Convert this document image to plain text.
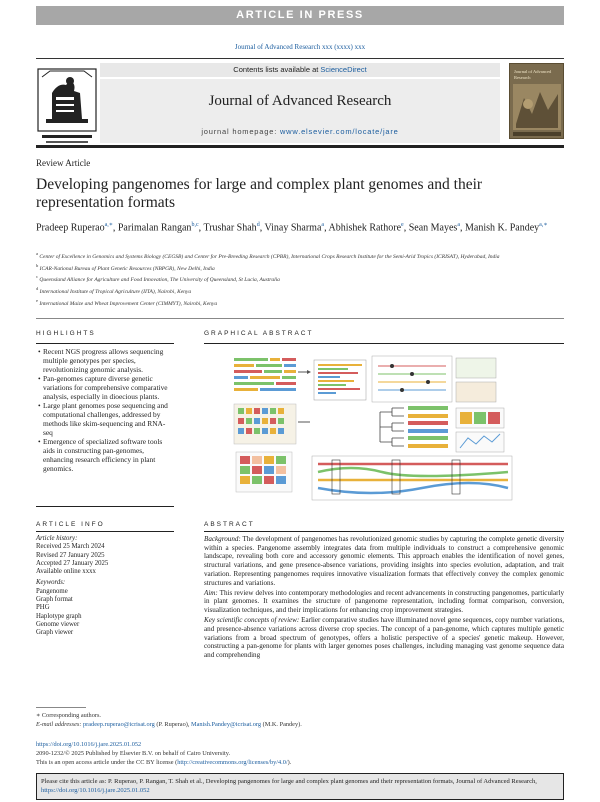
ARTICLE IN PRESS
Journal of Advanced Research xxx (xxxx) xxx
Contents lists available at ScienceDirect
Journal of Advanced Research
journal homepage: www.elsevier.com/locate/jare
Journal of Advanced Research
Review Article
Developing pangenomes for large and complex plant genomes and their representation formats
Pradeep Ruperao$^{a,∗}$, Parimalan Rangan$^{b,c}$, Trushar Shah$^d$, Vinay Sharma$^a$, Abhishek Rathore$^e$, Sean Mayes$^a$, Manish K. Pandey$^{a,∗}$
$^a$ Center of Excellence in Genomics and Systems Biology (CEGSB) and Center for Pre-Breeding Research (CPBR), International Crops Research Institute for the Semi-Arid Tropics (ICRISAT), Hyderabad, India
$^b$ ICAR-National Bureau of Plant Genetic Resources (NBPGR), New Delhi, India
$^c$ Queensland Alliance for Agriculture and Food Innovation, The University of Queensland, St Lucia, Australia
$^d$ International Institute of Tropical Agriculture (IITA), Nairobi, Kenya
$^e$ International Maize and Wheat Improvement Center (CIMMYT), Nairobi, Kenya
HIGHLIGHTS
• Recent NGS progress allows sequencing multiple genotypes per species, revolutionizing genomic analysis.
• Pan-genomes capture diverse genetic variations for comprehensive comparative analysis, especially in dioecious plants.
• Large plant genomes pose sequencing and computational challenges, addressed by methods like skim-sequencing and RNA-seq
• Emergence of specialized software tools aids in constructing pan-genomes, enhancing research efficiency in plant genomics.
GRAPHICAL ABSTRACT
ARTICLE INFO
Article history:
Received 25 March 2024
Revised 27 January 2025
Accepted 27 January 2025
Available online xxxx
Keywords:
Pangenome
Graph format
PHG
Haplotype graph
Genome viewer
Graph viewer
ABSTRACT

Background: The development of pangenomes has revolutionized genomic studies by capturing the complete genetic diversity within a species. Pangenome assembly integrates data from multiple individuals to construct a comprehensive genomic landscape, revealing both core and accessory genomic elements. This approach enables the identification of novel genes, structural variations, and gene presence-absence variations, providing insights into species evolution, adaptation, and trait variation. Representing pangenomes requires innovative visualization formats that effectively convey the complex genomic structures and variations.

Aim: This review delves into contemporary methodologies and recent advancements in constructing pangenomes, particularly in plant genomes. It examines the structure of pangenome representation, including format comparison, conversion, visualization techniques, and their implications for enhancing crop improvement strategies.

Key scientific concepts of review: Earlier comparative studies have illuminated novel gene sequences, copy number variations, and presence-absence variations across diverse crop species. The concept of a pan-genome, which captures multiple genetic variations from a broad spectrum of genotypes, offers a holistic perspective of a species' genetic makeup. However, constructing a pan-genome for plants with larger genomes poses challenges, including managing vast genome sequence data and comprehending

∗ Corresponding authors.
E-mail addresses: pradeep.ruperao@icrisat.org (P. Ruperao), Manish.Pandey@icrisat.org (M.K. Pandey).
https://doi.org/10.1016/j.jare.2025.01.052
2090-1232/© 2025 Published by Elsevier B.V. on behalf of Cairo University.
This is an open access article under the CC BY license (http://creativecommons.org/licenses/by/4.0/).
Please cite this article as: P. Ruperao, P. Rangan, T. Shah et al., Developing pangenomes for large and complex plant genomes and their representation formats, Journal of Advanced Research, https://doi.org/10.1016/j.jare.2025.01.052
